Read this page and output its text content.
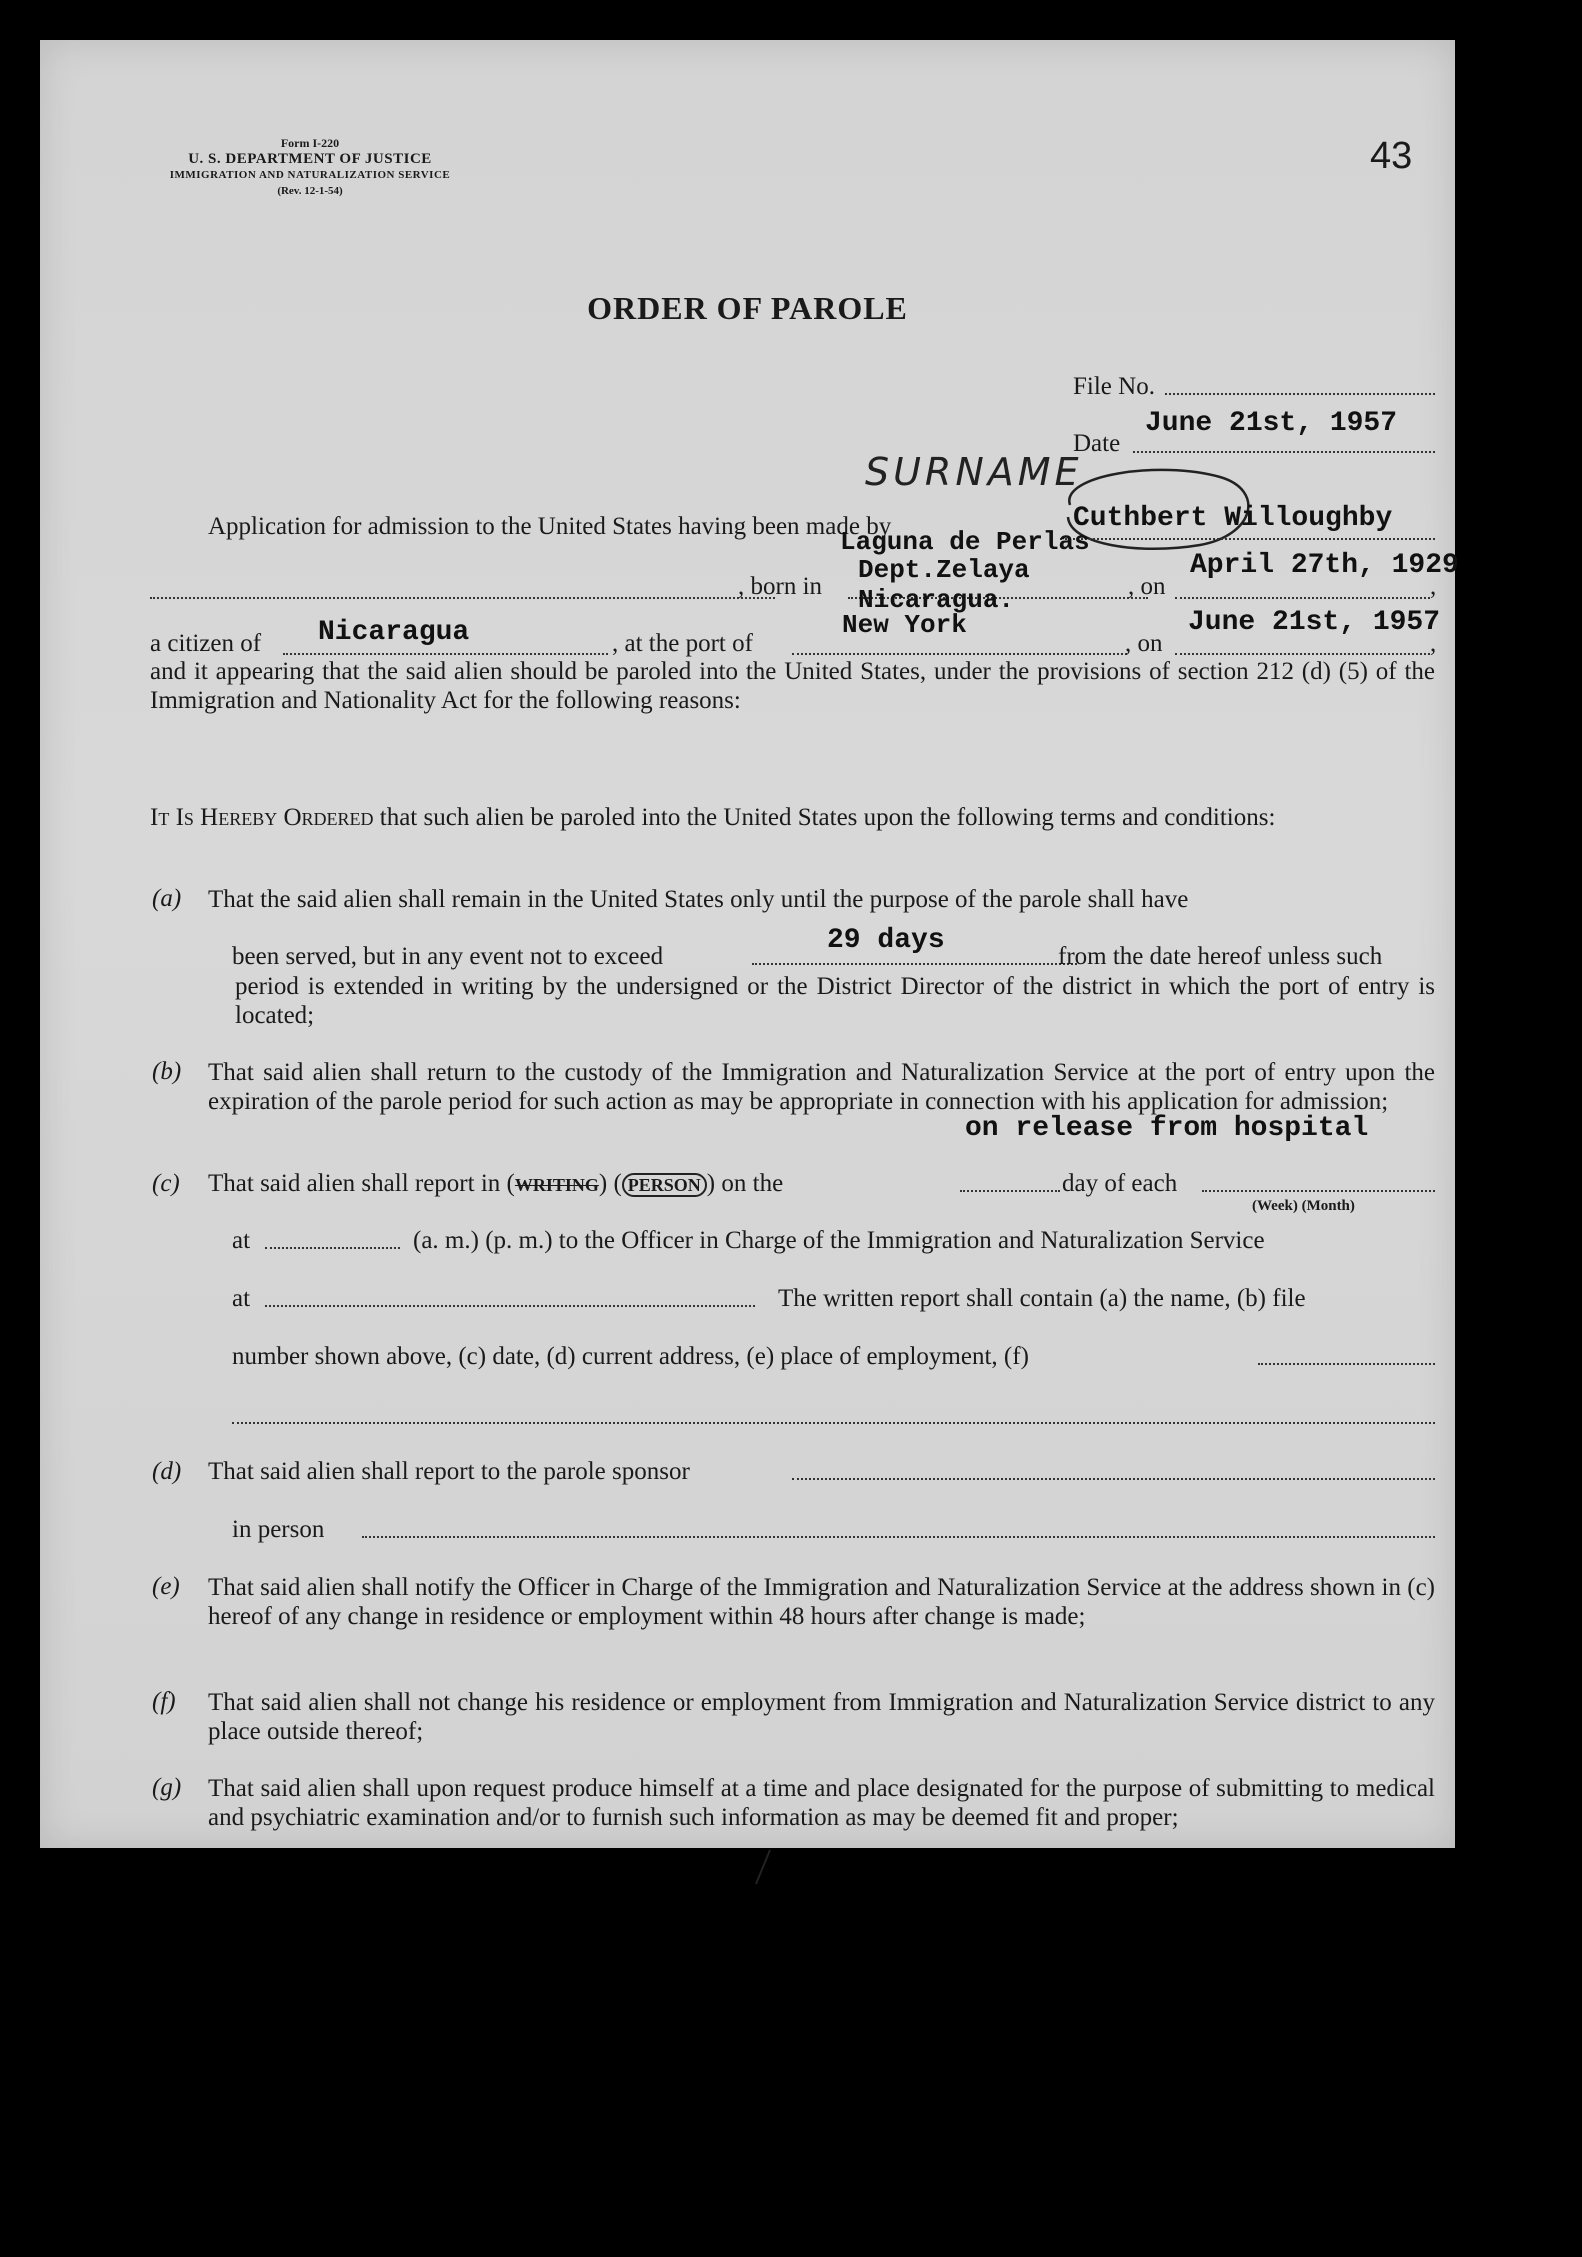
Form I-220
U. S. DEPARTMENT OF JUSTICE
IMMIGRATION AND NATURALIZATION SERVICE
(Rev. 12-1-54)
43
ORDER OF PAROLE
File No.
June 21st, 1957
Date
SURNAME
Application for admission to the United States having been made by	Cuthbert Willoughby
Laguna de Perlas
, born in
Dept.Zelaya
, on
April 27th, 1929
,
a citizen of Nicaragua	, at the port of
Nicaragua.
New York
, on
June 21st, 1957
,
and it appearing that the said alien should be paroled into the United States, under the provisions of section 212 (d) (5) of the Immigration and Nationality Act for the following reasons:
It Is Hereby Ordered that such alien be paroled into the United States upon the following terms and conditions:
(a) That the said alien shall remain in the United States only until the purpose of the parole shall have
been served, but in any event not to exceed
29 days
from the date hereof unless such
period is extended in writing by the undersigned or the District Director of the district in which the port of entry is located;
(b) That said alien shall return to the custody of the Immigration and Naturalization Service at the port of entry upon the expiration of the parole period for such action as may be appropriate in connection with his application for admission;
on release from hospital
(c) That said alien shall report in (WRITING) ( PERSON ) on the	day of each
(Week) (Month)
at	(a. m.) (p. m.) to the Officer in Charge of the Immigration and Naturalization Service
at	The written report shall contain (a) the name, (b) file
number shown above, (c) date, (d) current address, (e) place of employment, (f)
(d) That said alien shall report to the parole sponsor
in person
(e) That said alien shall notify the Officer in Charge of the Immigration and Naturalization Service at the address shown in (c) hereof of any change in residence or employment within 48 hours after change is made;
(f) That said alien shall not change his residence or employment from Immigration and Naturalization Service district to any place outside thereof;
(g) That said alien shall upon request produce himself at a time and place designated for the purpose of submitting to medical and psychiatric examination and/or to furnish such information as may be deemed fit and proper;
